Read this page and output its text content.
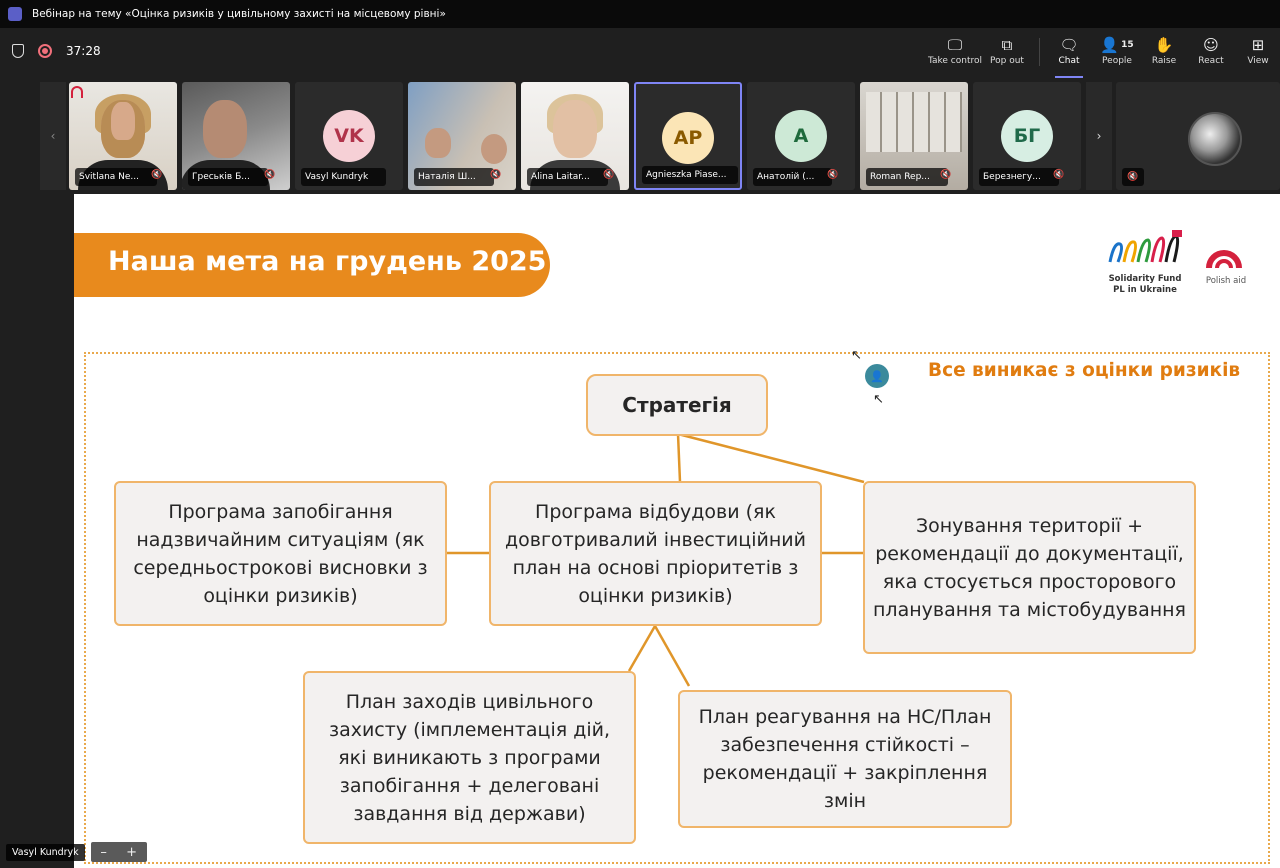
Вебінар на тему «Оцінка ризиків у цивільному захисті на місцевому рівні»
37:28	🖵
Take control
⧉
Pop out
🗨
Chat
👤 15
People
✋
Raise
☺
React
⊞
View
‹
Svitlana Ne...	🔇	Греськів Б...	🔇
VK
Vasyl Kundryk	Наталія Ш...	🔇	Alina Laitar...	🔇
AP
Agnieszka Piase...
A
Анатолій (...	🔇	Roman Rep...	🔇
БГ
Березнегу...	🔇
›
🔇
Наша мета на грудень 2025
Solidarity Fund PL in Ukraine
Polish aid
Все виникає з оцінки ризиків
Стратегія
Програма запобігання надзвичайним ситуаціям (як середньострокові висновки з оцінки ризиків)
Програма відбудови (як довготривалий інвестиційний план на основі пріоритетів з оцінки ризиків)
Зонування території + рекомендації до документації, яка стосується просторового планування та містобудування
План заходів цивільного захисту (імплементація дій, які виникають з програми запобігання + делеговані завдання від держави)
План реагування на НС/План забезпечення стійкості – рекомендації + закріплення змін
↖
👤
↖
Vasyl Kundryk	– +
